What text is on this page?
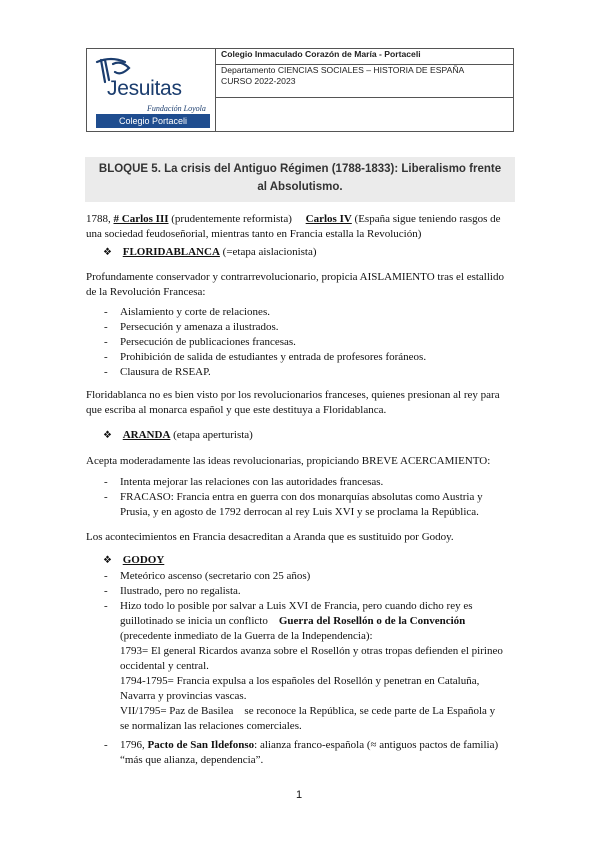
Jesuitas
Fundación Loyola
Colegio Portaceli

Colegio Inmaculado Corazón de María - Portaceli

Departamento CIENCIAS SOCIALES – HISTORIA DE ESPAÑA
CURSO 2022-2023

BLOQUE 5. La crisis del Antiguo Régimen (1788-1833): Liberalismo frente
al Absolutismo.
1788, # Carlos III (prudentemente reformista) Carlos IV (España sigue teniendo rasgos de
una sociedad feudoseñorial, mientras tanto en Francia estalla la Revolución)
❖ FLORIDABLANCA (=etapa aislacionista)
Profundamente conservador y contrarrevolucionario, propicia AISLAMIENTO tras el estallido
de la Revolución Francesa:
- Aislamiento y corte de relaciones.
- Persecución y amenaza a ilustrados.
- Persecución de publicaciones francesas.
- Prohibición de salida de estudiantes y entrada de profesores foráneos.
- Clausura de RSEAP.
Floridablanca no es bien visto por los revolucionarios franceses, quienes presionan al rey para
que escriba al monarca español y que este destituya a Floridablanca.
❖ ARANDA (etapa aperturista)
Acepta moderadamente las ideas revolucionarias, propiciando BREVE ACERCAMIENTO:
- Intenta mejorar las relaciones con las autoridades francesas.
- FRACASO: Francia entra en guerra con dos monarquías absolutas como Austria y
Prusia, y en agosto de 1792 derrocan al rey Luis XVI y se proclama la República.
Los acontecimientos en Francia desacreditan a Aranda que es sustituido por Godoy.
❖ GODOY
- Meteórico ascenso (secretario con 25 años)
- Ilustrado, pero no regalista.
- Hizo todo lo posible por salvar a Luis XVI de Francia, pero cuando dicho rey es
guillotinado se inicia un conflicto Guerra del Rosellón o de la Convención
(precedente inmediato de la Guerra de la Independencia):
1793= El general Ricardos avanza sobre el Rosellón y otras tropas defienden el pirineo
occidental y central.
1794-1795= Francia expulsa a los españoles del Rosellón y penetran en Cataluña,
Navarra y provincias vascas.
VII/1795= Paz de Basilea se reconoce la República, se cede parte de La Española y
se normalizan las relaciones comerciales.
- 1796, Pacto de San Ildefonso: alianza franco-española (≈ antiguos pactos de familia)
“más que alianza, dependencia”.
1
